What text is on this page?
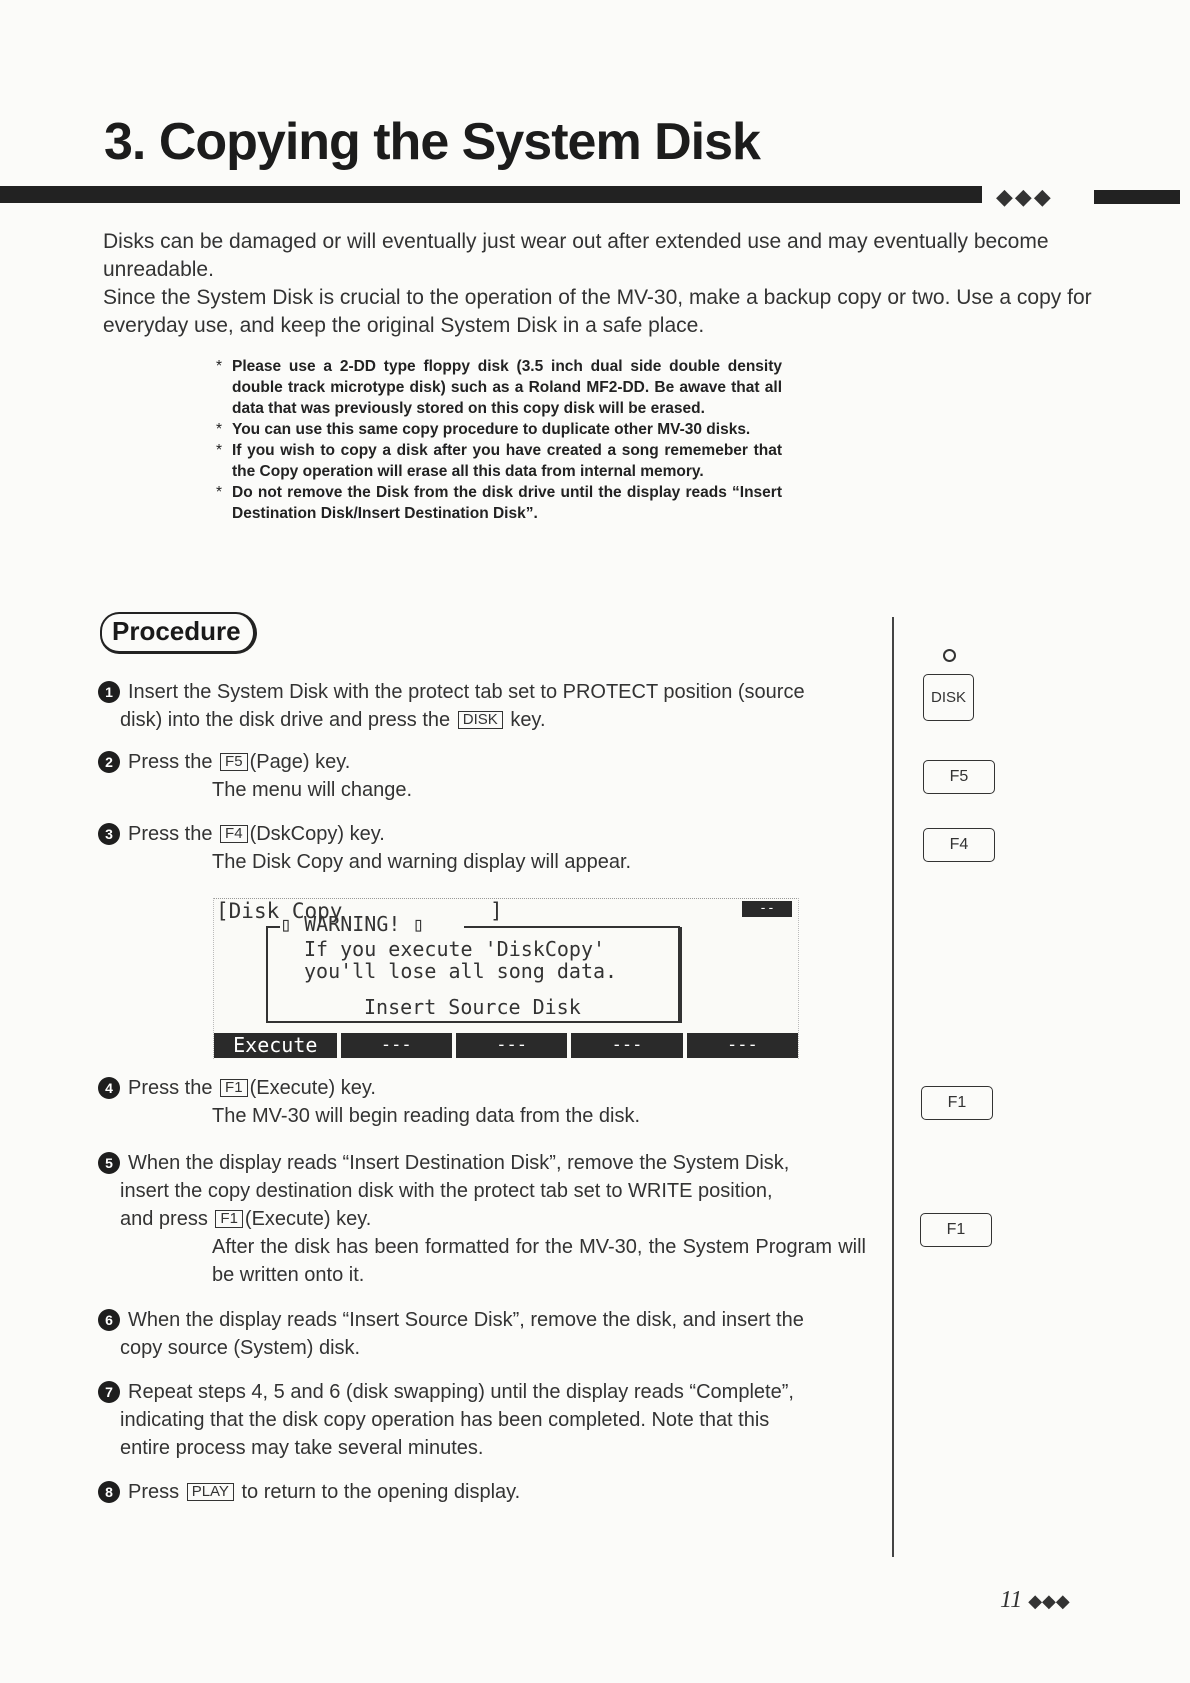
3. Copying the System Disk
◆◆◆
Disks can be damaged or will eventually just wear out after extended use and may eventually become unreadable.
Since the System Disk is crucial to the operation of the MV-30, make a backup copy or two. Use a copy for everyday use, and keep the original System Disk in a safe place.
* Please use a 2-DD type floppy disk (3.5 inch dual side double density double track microtype disk) such as a Roland MF2-DD. Be awave that all data that was previously stored on this copy disk will be erased.
* You can use this same copy procedure to duplicate other MV-30 disks.
* If you wish to copy a disk after you have created a song rememeber that the Copy operation will erase all this data from internal memory.
* Do not remove the Disk from the disk drive until the display reads “Insert Destination Disk/Insert Destination Disk”.
Procedure
1 Insert the System Disk with the protect tab set to PROTECT position (source
disk) into the disk drive and press the DISK key.
2 Press the F5 (Page) key.
The menu will change.
3 Press the F4 (DskCopy) key.
The Disk Copy and warning display will appear.
[Disk Copy	]	--
▯ WARNING! ▯
If you execute 'DiskCopy'
you'll lose all song data.
Insert Source Disk
Execute	---	---	---	---
4 Press the F1 (Execute) key.
The MV-30 will begin reading data from the disk.
5 When the display reads “Insert Destination Disk”, remove the System Disk,
insert the copy destination disk with the protect tab set to WRITE position,
and press F1 (Execute) key.
After the disk has been formatted for the MV-30, the System Program will be written onto it.
6 When the display reads “Insert Source Disk”, remove the disk, and insert the
copy source (System) disk.
7 Repeat steps 4, 5 and 6 (disk swapping) until the display reads “Complete”,
indicating that the disk copy operation has been completed. Note that this
entire process may take several minutes.
8 Press PLAY to return to the opening display.
DISK
F5
F4
F1
F1
11 ◆◆◆
